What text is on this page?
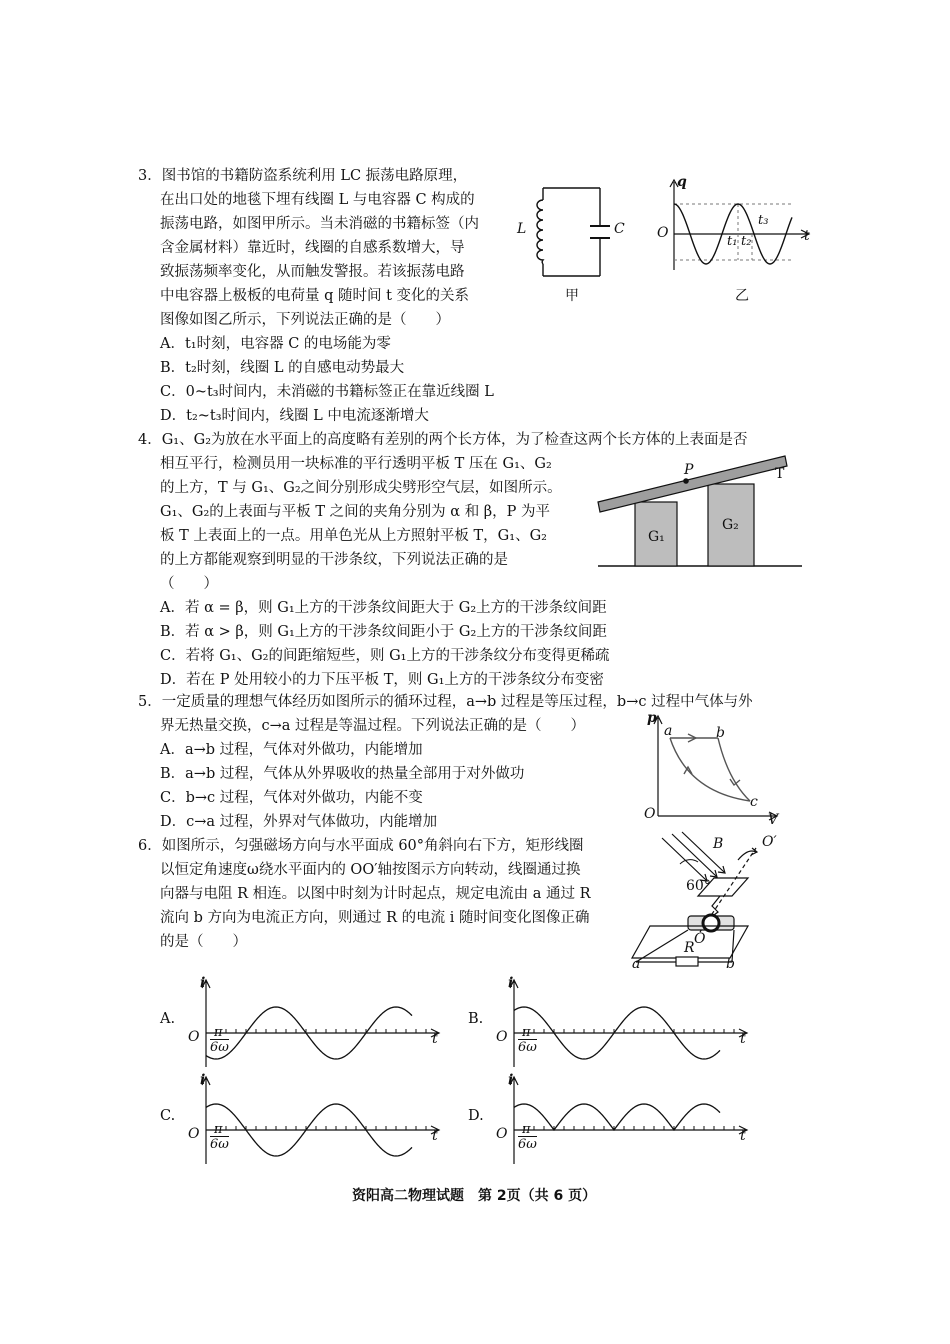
3．图书馆的书籍防盗系统利用 LC 振荡电路原理，
在出口处的地毯下埋有线圈 L 与电容器 C 构成的
振荡电路，如图甲所示。当未消磁的书籍标签（内
含金属材料）靠近时，线圈的自感系数增大，导
致振荡频率变化，从而触发警报。若该振荡电路
中电容器上极板的电荷量 q 随时间 t 变化的关系
图像如图乙所示，下列说法正确的是（　　）
A．t₁时刻，电容器 C 的电场能为零
B．t₂时刻，线圈 L 的自感电动势最大
C．0~t₃时间内，未消磁的书籍标签正在靠近线圈 L
D．t₂~t₃时间内，线圈 L 中电流逐渐增大
L	C
甲
q
O	t
t₁ t₂
t₃
乙
4．G₁、G₂为放在水平面上的高度略有差别的两个长方体，为了检查这两个长方体的上表面是否
相互平行，检测员用一块标准的平行透明平板 T 压在 G₁、G₂
的上方，T 与 G₁、G₂之间分别形成尖劈形空气层，如图所示。
G₁、G₂的上表面与平板 T 之间的夹角分别为 α 和 β，P 为平
板 T 上表面上的一点。用单色光从上方照射平板 T，G₁、G₂
的上方都能观察到明显的干涉条纹，下列说法正确的是
（　　）
A．若 α = β，则 G₁上方的干涉条纹间距大于 G₂上方的干涉条纹间距
B．若 α > β，则 G₁上方的干涉条纹间距小于 G₂上方的干涉条纹间距
C．若将 G₁、G₂的间距缩短些，则 G₁上方的干涉条纹分布变得更稀疏
D．若在 P 处用较小的力下压平板 T，则 G₁上方的干涉条纹分布变密
P	T
G₁
G₂
5．一定质量的理想气体经历如图所示的循环过程，a→b 过程是等压过程，b→c 过程中气体与外
界无热量交换，c→a 过程是等温过程。下列说法正确的是（　　）
A．a→b 过程，气体对外做功，内能增加
B．a→b 过程，气体从外界吸收的热量全部用于对外做功
C．b→c 过程，气体对外做功，内能不变
D．c→a 过程，外界对气体做功，内能增加
p
O	V
a	b
c
6．如图所示，匀强磁场方向与水平面成 60°角斜向右下方，矩形线圈
以恒定角速度ω绕水平面内的 OO′轴按图示方向转动，线圈通过换
向器与电阻 R 相连。以图中时刻为计时起点，规定电流由 a 通过 R
流向 b 方向为电流正方向，则通过 R 的电流 i 随时间变化图像正确
的是（　　）
B	O′
60°
O
R
a	b
A.
i
O	t
π
6ω
B.
i
O	t
π
6ω
C.
i
O	t
π
6ω
D.
i
O	t
π
6ω
资阳高二物理试题　第 2页（共 6 页）
